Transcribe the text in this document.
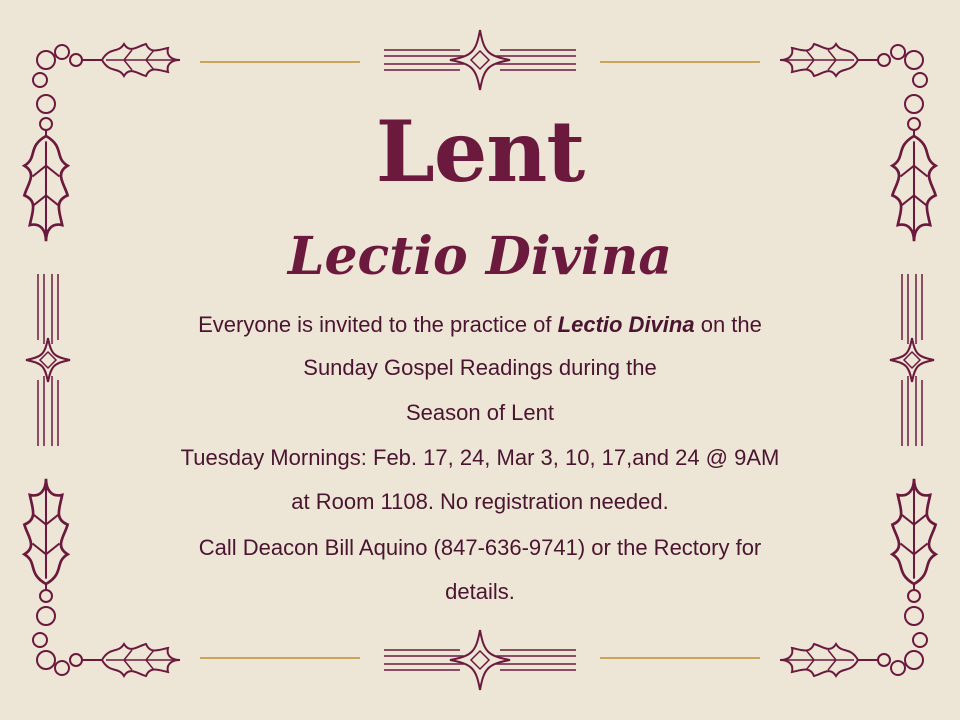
Lent
Lectio Divina
Everyone is invited to the practice of Lectio Divina on the
Sunday Gospel Readings during the
Season of Lent
Tuesday Mornings: Feb. 17, 24, Mar 3, 10, 17,and 24 @ 9AM
at Room 1108. No registration needed.
Call Deacon Bill Aquino (847-636-9741) or the Rectory for
details.
